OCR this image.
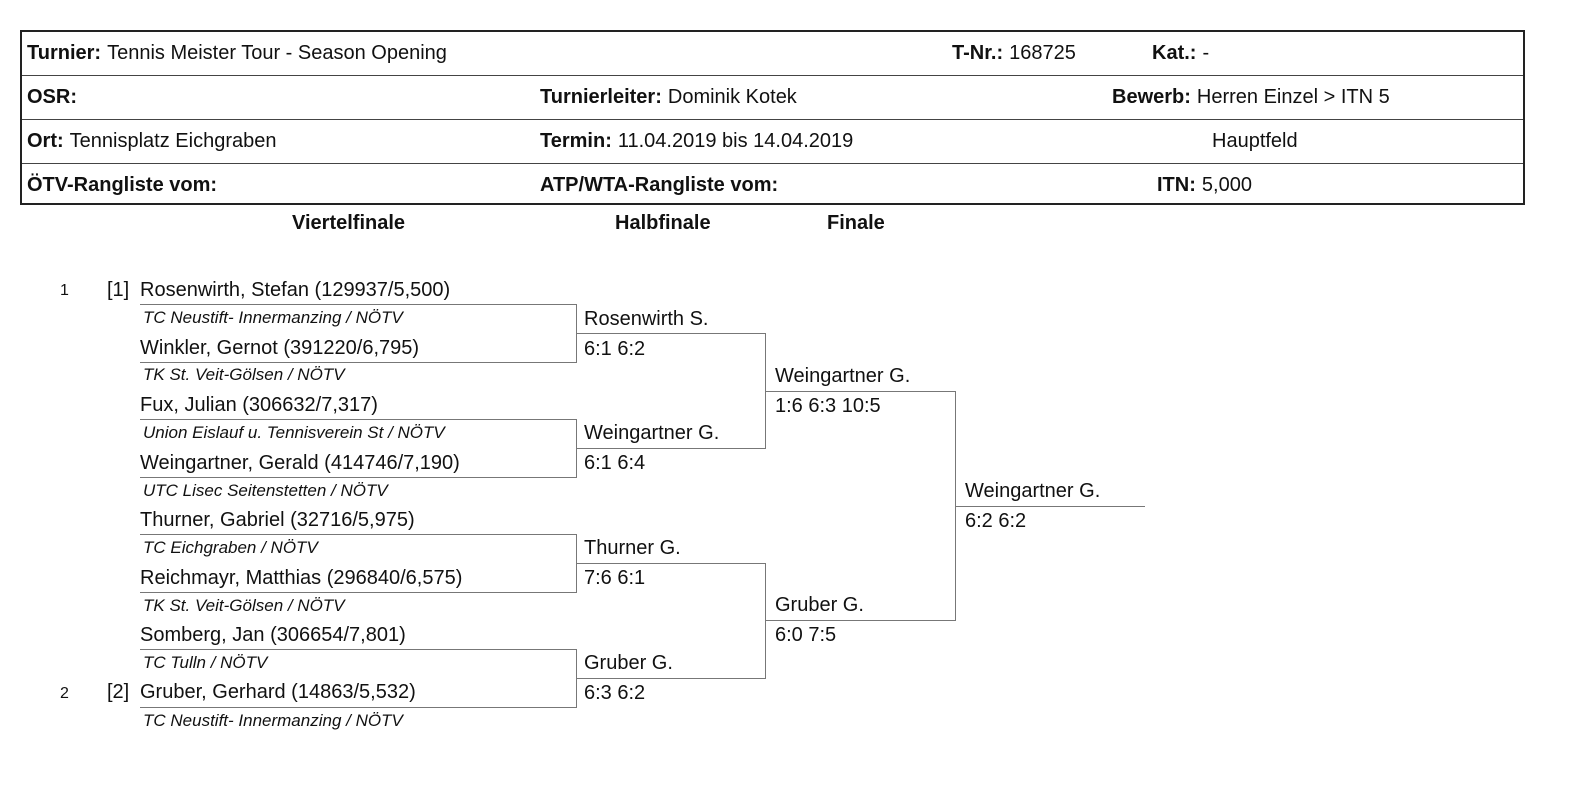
Turnier: Tennis Meister Tour - Season Opening	T-Nr.: 168725	Kat.: -
OSR:	Turnierleiter: Dominik Kotek	Bewerb: Herren Einzel > ITN 5
Ort: Tennisplatz Eichgraben	Termin: 11.04.2019 bis 14.04.2019	Hauptfeld
ÖTV-Rangliste vom:	ATP/WTA-Rangliste vom:	ITN: 5,000
Viertelfinale	Halbfinale	Finale
1 [1] Rosenwirth, Stefan (129937/5,500)
TC Neustift- Innermanzing / NÖTV
Winkler, Gernot (391220/6,795)
TK St. Veit-Gölsen / NÖTV
Fux, Julian (306632/7,317)
Union Eislauf u. Tennisverein St / NÖTV
Weingartner, Gerald (414746/7,190)
UTC Lisec Seitenstetten / NÖTV
Thurner, Gabriel (32716/5,975)
TC Eichgraben / NÖTV
Reichmayr, Matthias (296840/6,575)
TK St. Veit-Gölsen / NÖTV
Somberg, Jan (306654/7,801)
TC Tulln / NÖTV
2 [2] Gruber, Gerhard (14863/5,532)
TC Neustift- Innermanzing / NÖTV
Rosenwirth S.
6:1 6:2
Weingartner G.
6:1 6:4
Thurner G.
7:6 6:1
Gruber G.
6:3 6:2
Weingartner G.
1:6 6:3 10:5
Gruber G.
6:0 7:5
Weingartner G.
6:2 6:2
